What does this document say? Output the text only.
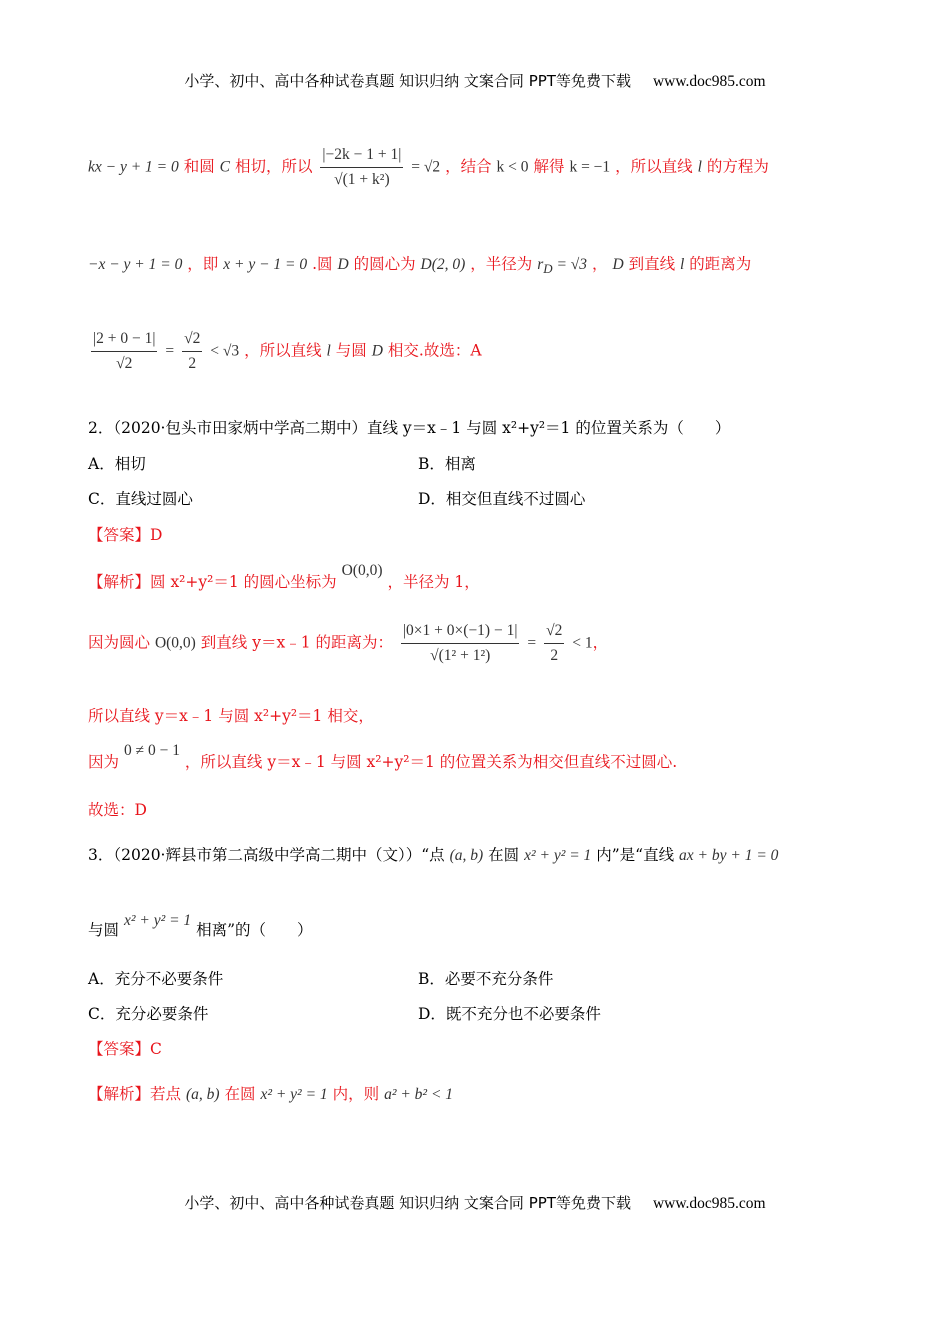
小学、初中、高中各种试卷真题 知识归纳 文案合同 PPT等免费下载 www.doc985.com
kx − y + 1 = 0 和圆 C 相切，所以 $\frac{|-2k - 1 + 1|}{\text{√(1 + k²)}} = √2$ ，结合 k < 0 解得 k = −1 ，所以直线 l 的方程为
−x − y + 1 = 0 ，即 x + y − 1 = 0 .圆 D 的圆心为 D(2, 0) ，半径为 $r_D = √3$ ， D 到直线 l 的距离为
$\frac{|2 + 0 - 1|}{√2} = \frac{√2}{2} < √3$ ，所以直线 l 与圆 D 相交.故选：A
2．（2020·包头市田家炳中学高二期中）直线 y＝x﹣1 与圆 x²+y²＝1 的位置关系为（　　）
A．相切	B．相离
C．直线过圆心	D．相交但直线不过圆心
【答案】D
【解析】圆 x²+y²＝1 的圆心坐标为 O(0,0) ，半径为 1，
因为圆心 O(0,0) 到直线 y＝x﹣1 的距离为： $\frac{|0\times 1 + 0\times(-1) - 1|}{\text{√(1² + 1²)}} = \frac{√2}{2} < 1$，
所以直线 y＝x﹣1 与圆 x²+y²＝1 相交，
因为 0 ≠ 0 − 1 ，所以直线 y＝x﹣1 与圆 x²+y²＝1 的位置关系为相交但直线不过圆心.
故选：D
3．（2020·辉县市第二高级中学高二期中（文））“点 (a, b) 在圆 x² + y² = 1 内”是“直线 ax + by + 1 = 0
与圆 x² + y² = 1 相离”的（　　）
A．充分不必要条件	B．必要不充分条件
C．充分必要条件	D．既不充分也不必要条件
【答案】C
【解析】若点 (a, b) 在圆 x² + y² = 1 内，则 a² + b² < 1
小学、初中、高中各种试卷真题 知识归纳 文案合同 PPT等免费下载 www.doc985.com
